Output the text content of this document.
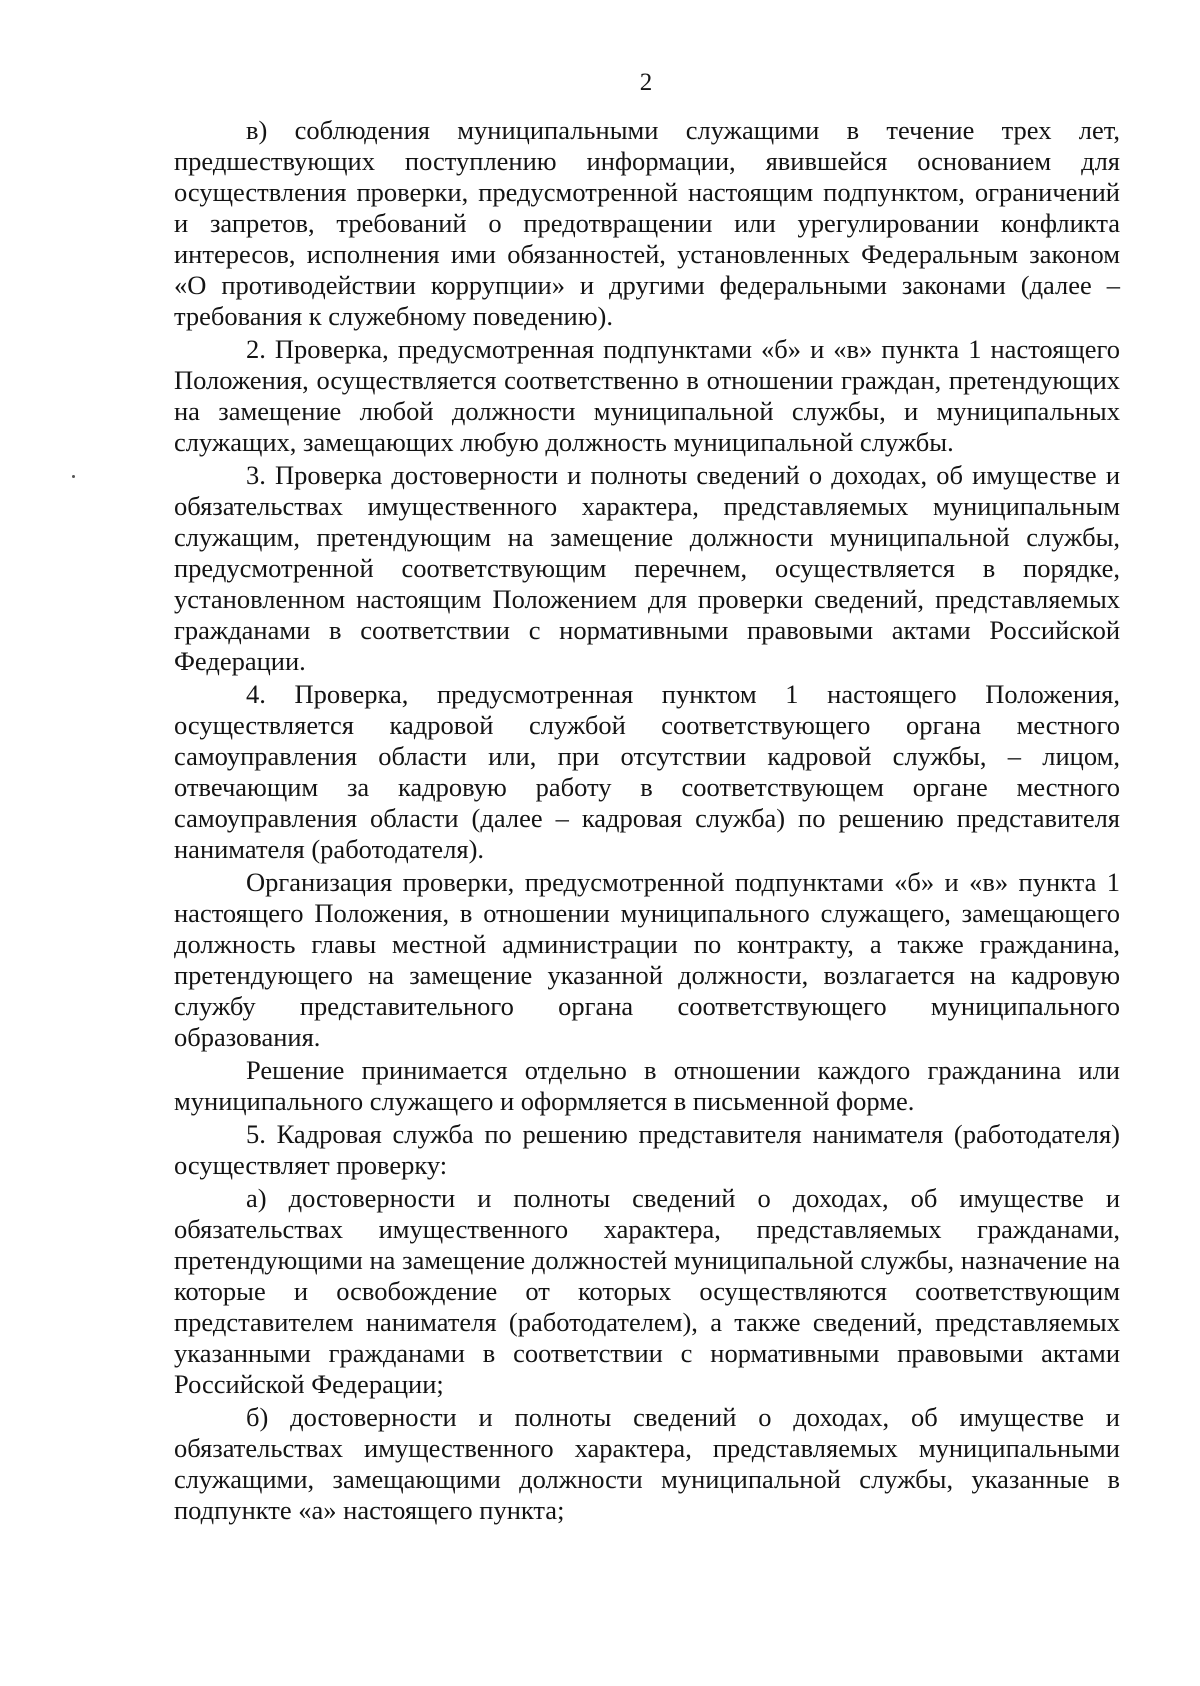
2

в) соблюдения муниципальными служащими в течение трех лет, предшествующих поступлению информации, явившейся основанием для осуществления проверки, предусмотренной настоящим подпунктом, ограничений и запретов, требований о предотвращении или урегулировании конфликта интересов, исполнения ими обязанностей, установленных Федеральным законом «О противодействии коррупции» и другими федеральными законами (далее – требования к служебному поведению).

2. Проверка, предусмотренная подпунктами «б» и «в» пункта 1 настоящего Положения, осуществляется соответственно в отношении граждан, претендующих на замещение любой должности муниципальной службы, и муниципальных служащих, замещающих любую должность муниципальной службы.

3. Проверка достоверности и полноты сведений о доходах, об имуществе и обязательствах имущественного характера, представляемых муниципальным служащим, претендующим на замещение должности муниципальной службы, предусмотренной соответствующим перечнем, осуществляется в порядке, установленном настоящим Положением для проверки сведений, представляемых гражданами в соответствии с нормативными правовыми актами Российской Федерации.

4. Проверка, предусмотренная пунктом 1 настоящего Положения, осуществляется кадровой службой соответствующего органа местного самоуправления области или, при отсутствии кадровой службы, – лицом, отвечающим за кадровую работу в соответствующем органе местного самоуправления области (далее – кадровая служба) по решению представителя нанимателя (работодателя).

Организация проверки, предусмотренной подпунктами «б» и «в» пункта 1 настоящего Положения, в отношении муниципального служащего, замещающего должность главы местной администрации по контракту, а также гражданина, претендующего на замещение указанной должности, возлагается на кадровую службу представительного органа соответствующего муниципального образования.

Решение принимается отдельно в отношении каждого гражданина или муниципального служащего и оформляется в письменной форме.

5. Кадровая служба по решению представителя нанимателя (работодателя) осуществляет проверку:

а) достоверности и полноты сведений о доходах, об имуществе и обязательствах имущественного характера, представляемых гражданами, претендующими на замещение должностей муниципальной службы, назначение на которые и освобождение от которых осуществляются соответствующим представителем нанимателя (работодателем), а также сведений, представляемых указанными гражданами в соответствии с нормативными правовыми актами Российской Федерации;

б) достоверности и полноты сведений о доходах, об имуществе и обязательствах имущественного характера, представляемых муниципальными служащими, замещающими должности муниципальной службы, указанные в подпункте «а» настоящего пункта;
